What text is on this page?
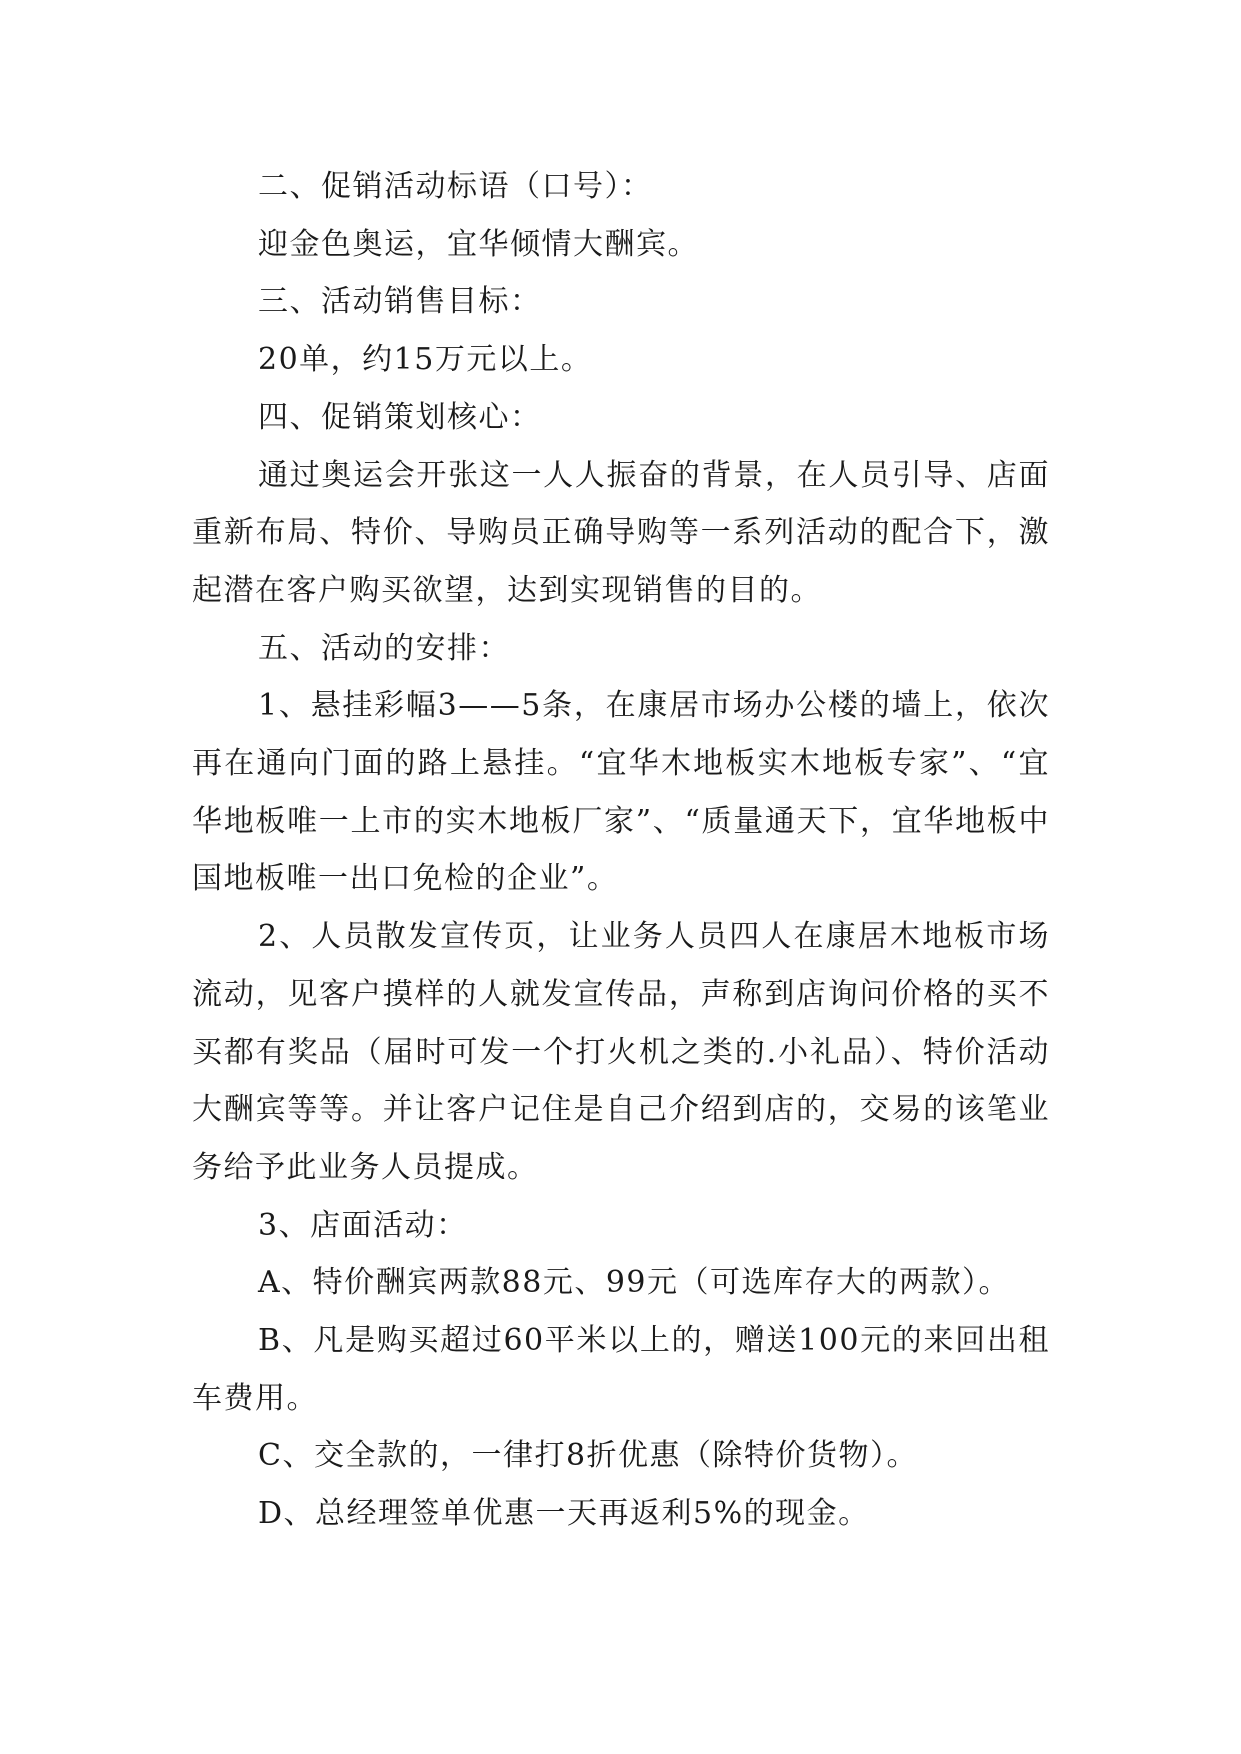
二、促销活动标语（口号）：

迎金色奥运，宜华倾情大酬宾。

三、活动销售目标：

20单，约15万元以上。

四、促销策划核心：

通过奥运会开张这一人人振奋的背景，在人员引导、店面重新布局、特价、导购员正确导购等一系列活动的配合下，激起潜在客户购买欲望，达到实现销售的目的。

五、活动的安排：

1、悬挂彩幅3——5条，在康居市场办公楼的墙上，依次再在通向门面的路上悬挂。“宜华木地板实木地板专家”、“宜华地板唯一上市的实木地板厂家”、“质量通天下，宜华地板中国地板唯一出口免检的企业”。

2、人员散发宣传页，让业务人员四人在康居木地板市场流动，见客户摸样的人就发宣传品，声称到店询问价格的买不买都有奖品（届时可发一个打火机之类的.小礼品）、特价活动大酬宾等等。并让客户记住是自己介绍到店的，交易的该笔业务给予此业务人员提成。

3、店面活动：

A、特价酬宾两款88元、99元（可选库存大的两款）。

B、凡是购买超过60平米以上的，赠送100元的来回出租车费用。

C、交全款的，一律打8折优惠（除特价货物）。

D、总经理签单优惠一天再返利5%的现金。
